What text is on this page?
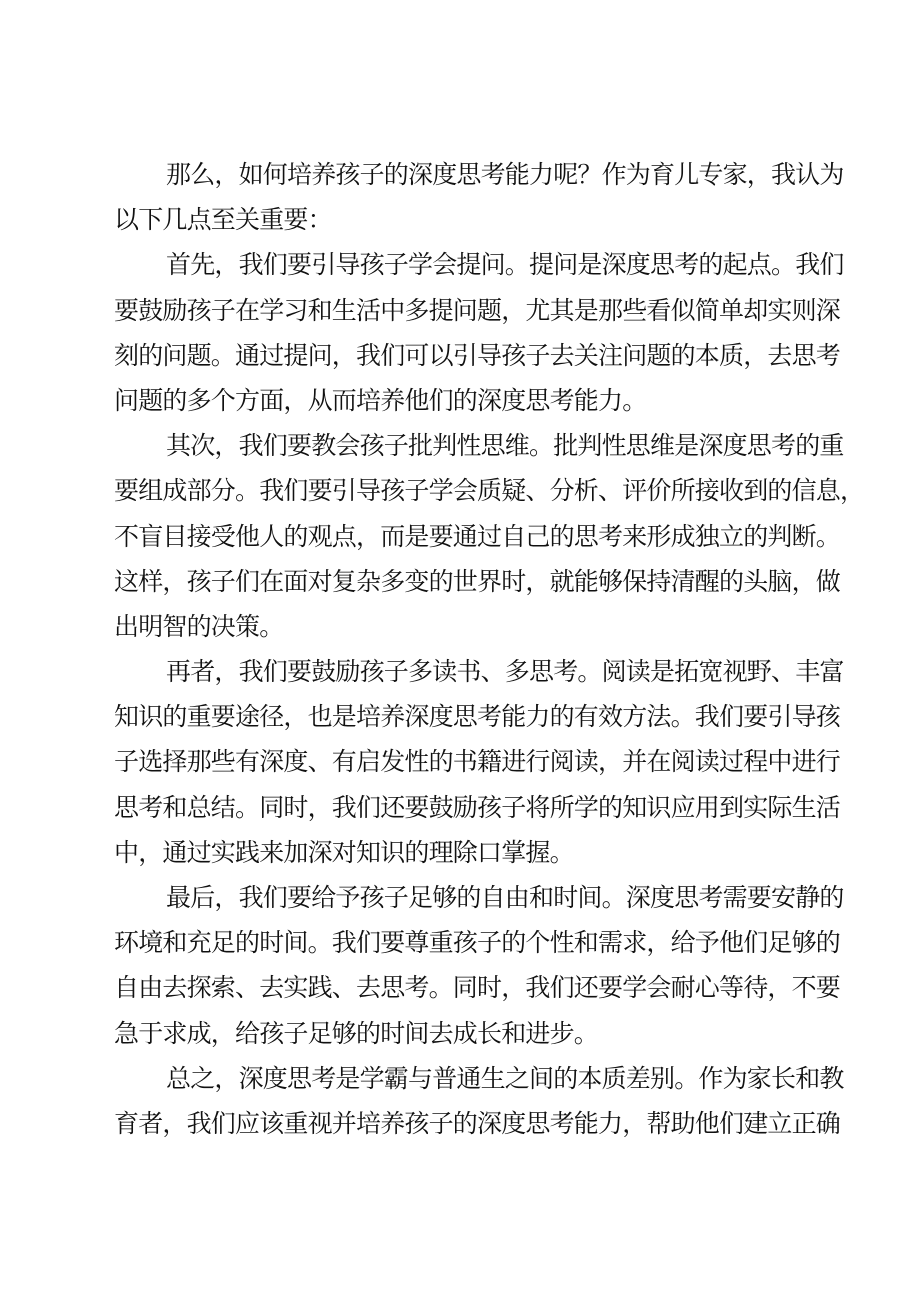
那么，如何培养孩子的深度思考能力呢？作为育儿专家，我认为
以下几点至关重要：
首先，我们要引导孩子学会提问。提问是深度思考的起点。我们
要鼓励孩子在学习和生活中多提问题，尤其是那些看似简单却实则深
刻的问题。通过提问，我们可以引导孩子去关注问题的本质，去思考
问题的多个方面，从而培养他们的深度思考能力。
其次，我们要教会孩子批判性思维。批判性思维是深度思考的重
要组成部分。我们要引导孩子学会质疑、分析、评价所接收到的信息，
不盲目接受他人的观点，而是要通过自己的思考来形成独立的判断。
这样，孩子们在面对复杂多变的世界时，就能够保持清醒的头脑，做
出明智的决策。
再者，我们要鼓励孩子多读书、多思考。阅读是拓宽视野、丰富
知识的重要途径，也是培养深度思考能力的有效方法。我们要引导孩
子选择那些有深度、有启发性的书籍进行阅读，并在阅读过程中进行
思考和总结。同时，我们还要鼓励孩子将所学的知识应用到实际生活
中，通过实践来加深对知识的理除口掌握。
最后，我们要给予孩子足够的自由和时间。深度思考需要安静的
环境和充足的时间。我们要尊重孩子的个性和需求，给予他们足够的
自由去探索、去实践、去思考。同时，我们还要学会耐心等待，不要
急于求成，给孩子足够的时间去成长和进步。
总之，深度思考是学霸与普通生之间的本质差别。作为家长和教
育者，我们应该重视并培养孩子的深度思考能力，帮助他们建立正确
